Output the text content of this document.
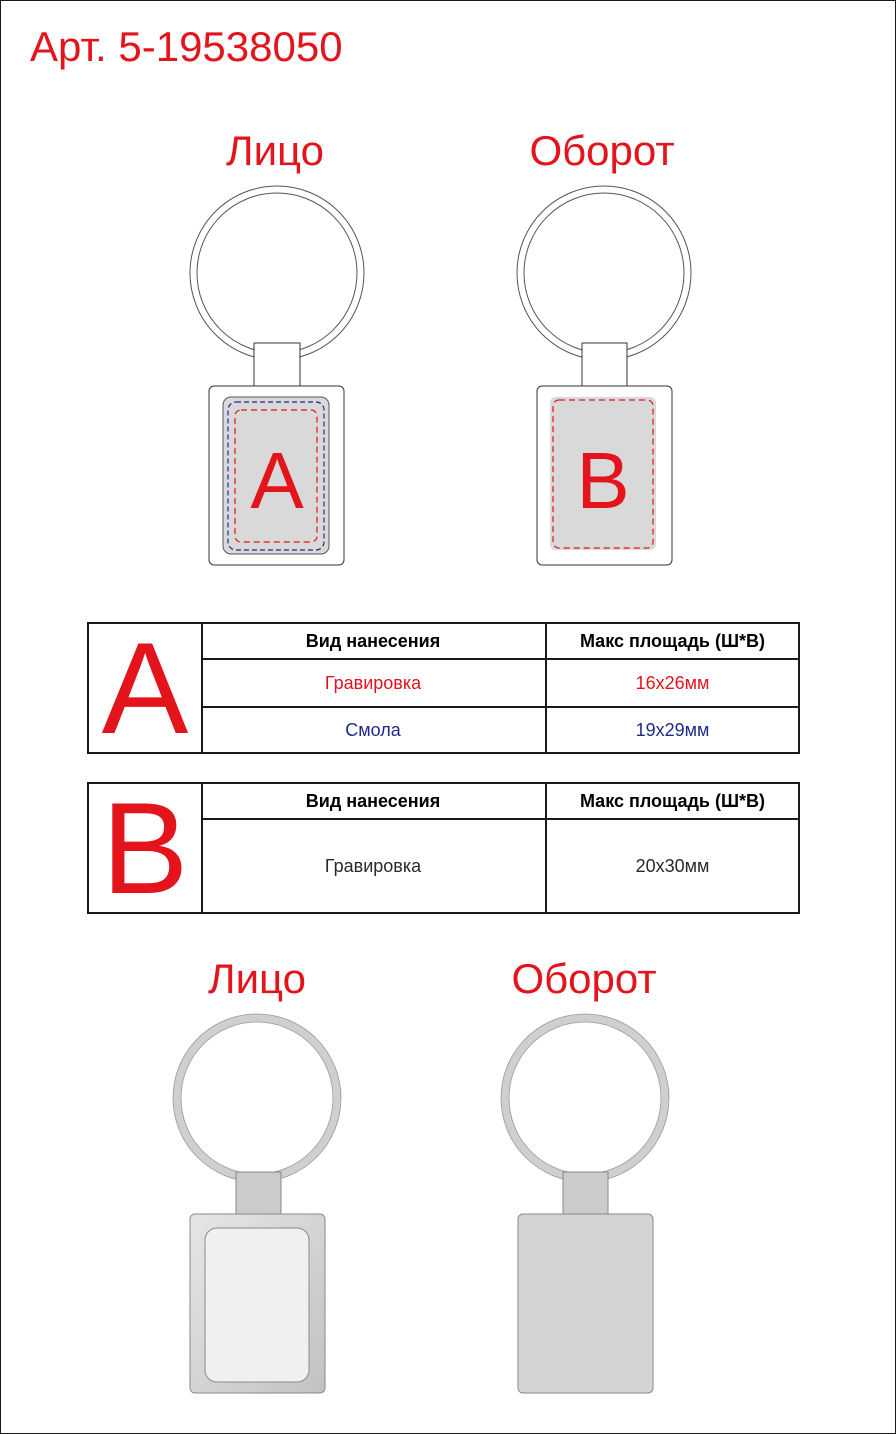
Арт. 5-19538050
Лицо	Оборот
A	B
A	Вид нанесения	Макс площадь (Ш*В)
Гравировка	16x26мм
Смола	19x29мм
B	Вид нанесения	Макс площадь (Ш*В)
Гравировка	20x30мм
Лицо	Оборот
